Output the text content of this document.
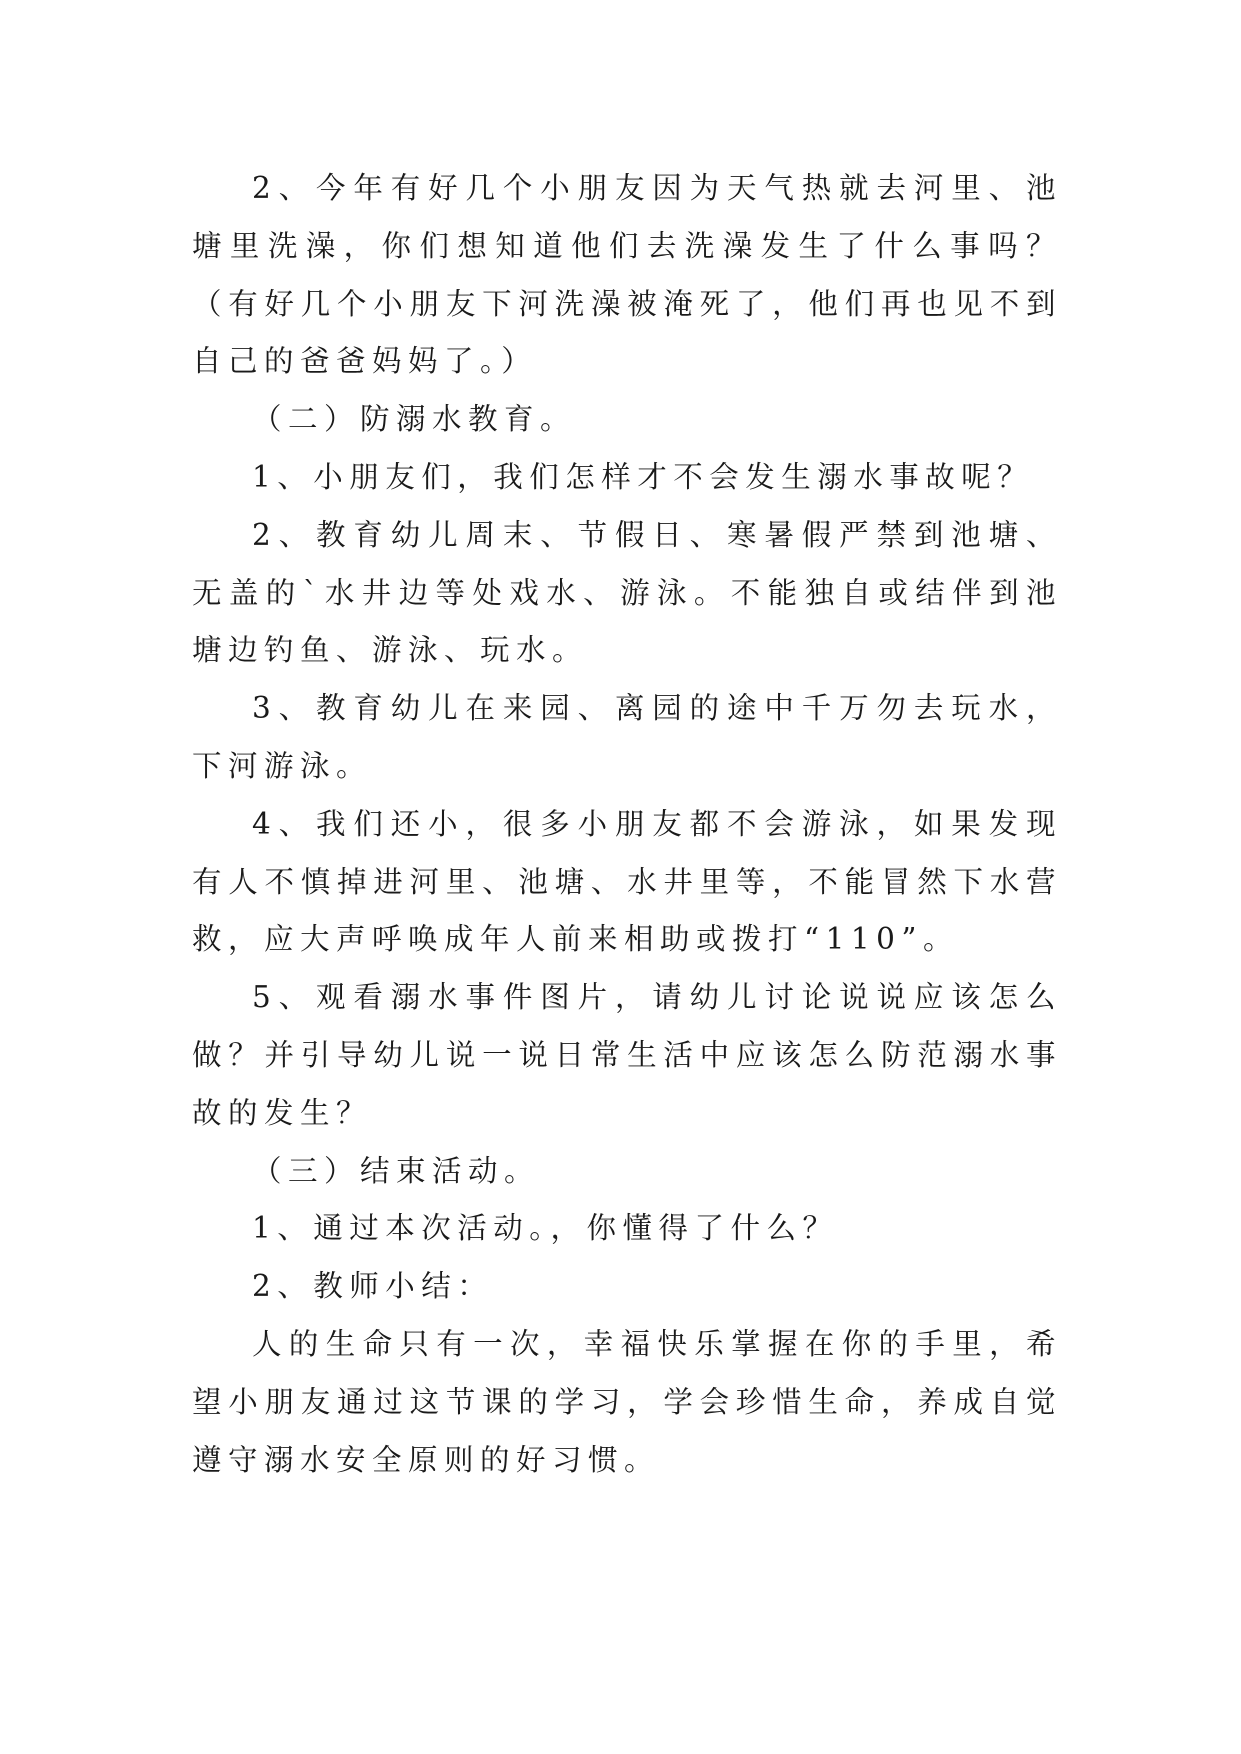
2、今年有好几个小朋友因为天气热就去河里、池塘里洗澡，你们想知道他们去洗澡发生了什么事吗？（有好几个小朋友下河洗澡被淹死了，他们再也见不到自己的爸爸妈妈了。）

（二）防溺水教育。

1、小朋友们，我们怎样才不会发生溺水事故呢？

2、教育幼儿周末、节假日、寒暑假严禁到池塘、无盖的`水井边等处戏水、游泳。不能独自或结伴到池塘边钓鱼、游泳、玩水。

3、教育幼儿在来园、离园的途中千万勿去玩水，下河游泳。

4、我们还小，很多小朋友都不会游泳，如果发现有人不慎掉进河里、池塘、水井里等，不能冒然下水营救，应大声呼唤成年人前来相助或拨打“110”。

5、观看溺水事件图片，请幼儿讨论说说应该怎么做？并引导幼儿说一说日常生活中应该怎么防范溺水事故的发生？

（三）结束活动。

1、通过本次活动。，你懂得了什么？

2、教师小结：

人的生命只有一次，幸福快乐掌握在你的手里，希望小朋友通过这节课的学习，学会珍惜生命，养成自觉遵守溺水安全原则的好习惯。
